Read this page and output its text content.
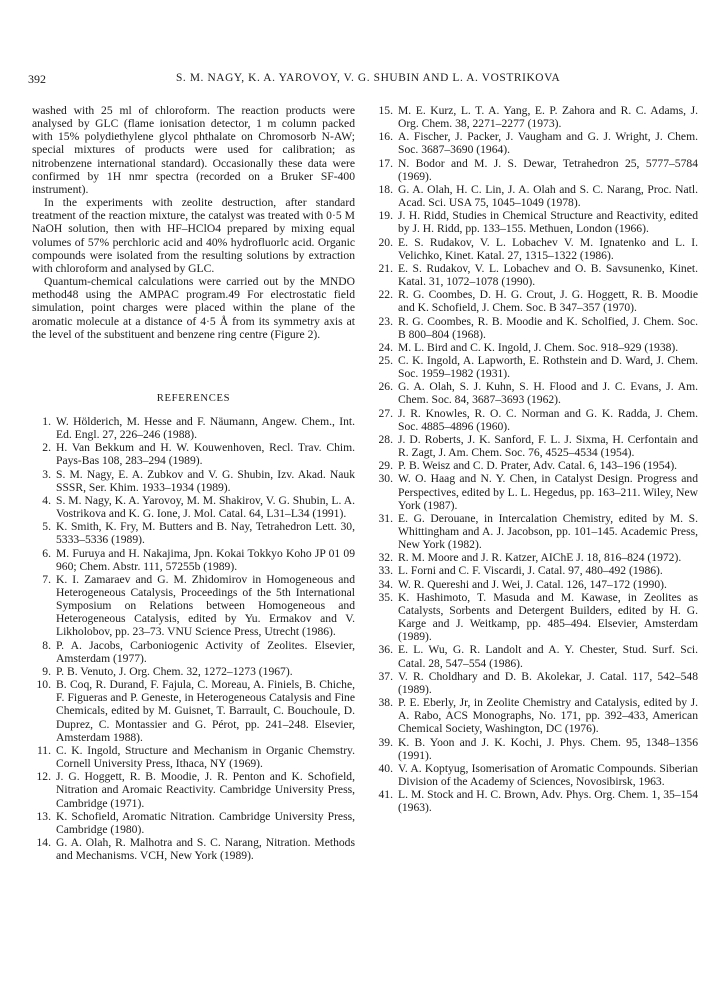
392	S. M. NAGY, K. A. YAROVOY, V. G. SHUBIN AND L. A. VOSTRIKOVA

washed with 25 ml of chloroform. The reaction products were analysed by GLC (flame ionisation detector, 1 m column packed with 15% polydiethylene glycol phthalate on Chromosorb N-AW; special mixtures of products were used for calibration; as nitrobenzene international standard). Occasionally these data were confirmed by 1H nmr spectra (recorded on a Bruker SF-400 instrument).

In the experiments with zeolite destruction, after standard treatment of the reaction mixture, the catalyst was treated with 0·5 M NaOH solution, then with HF–HClO4 prepared by mixing equal volumes of 57% perchloric acid and 40% hydrofluorlc acid. Organic compounds were isolated from the resulting solutions by extraction with chloroform and analysed by GLC.

Quantum-chemical calculations were carried out by the MNDO method48 using the AMPAC program.49 For electrostatic field simulation, point charges were placed within the plane of the aromatic molecule at a distance of 4·5 Å from its symmetry axis at the level of the substituent and benzene ring centre (Figure 2).

REFERENCES
1. W. Hölderich, M. Hesse and F. Näumann, Angew. Chem., Int. Ed. Engl. 27, 226–246 (1988).
2. H. Van Bekkum and H. W. Kouwenhoven, Recl. Trav. Chim. Pays-Bas 108, 283–294 (1989).
3. S. M. Nagy, E. A. Zubkov and V. G. Shubin, Izv. Akad. Nauk SSSR, Ser. Khim. 1933–1934 (1989).
4. S. M. Nagy, K. A. Yarovoy, M. M. Shakirov, V. G. Shubin, L. A. Vostrikova and K. G. Ione, J. Mol. Catal. 64, L31–L34 (1991).
5. K. Smith, K. Fry, M. Butters and B. Nay, Tetrahedron Lett. 30, 5333–5336 (1989).
6. M. Furuya and H. Nakajima, Jpn. Kokai Tokkyo Koho JP 01 09 960; Chem. Abstr. 111, 57255b (1989).
7. K. I. Zamaraev and G. M. Zhidomirov in Homogeneous and Heterogeneous Catalysis, Proceedings of the 5th International Symposium on Relations between Homogeneous and Heterogeneous Catalysis, edited by Yu. Ermakov and V. Likholobov, pp. 23–73. VNU Science Press, Utrecht (1986).
8. P. A. Jacobs, Carboniogenic Activity of Zeolites. Elsevier, Amsterdam (1977).
9. P. B. Venuto, J. Org. Chem. 32, 1272–1273 (1967).
10. B. Coq, R. Durand, F. Fajula, C. Moreau, A. Finiels, B. Chiche, F. Figueras and P. Geneste, in Heterogeneous Catalysis and Fine Chemicals, edited by M. Guisnet, T. Barrault, C. Bouchoule, D. Duprez, C. Montassier and G. Pérot, pp. 241–248. Elsevier, Amsterdam 1988).
11. C. K. Ingold, Structure and Mechanism in Organic Chemstry. Cornell University Press, Ithaca, NY (1969).
12. J. G. Hoggett, R. B. Moodie, J. R. Penton and K. Schofield, Nitration and Aromaic Reactivity. Cambridge University Press, Cambridge (1971).
13. K. Schofield, Aromatic Nitration. Cambridge University Press, Cambridge (1980).
14. G. A. Olah, R. Malhotra and S. C. Narang, Nitration. Methods and Mechanisms. VCH, New York (1989).
15. M. E. Kurz, L. T. A. Yang, E. P. Zahora and R. C. Adams, J. Org. Chem. 38, 2271–2277 (1973).
16. A. Fischer, J. Packer, J. Vaugham and G. J. Wright, J. Chem. Soc. 3687–3690 (1964).
17. N. Bodor and M. J. S. Dewar, Tetrahedron 25, 5777–5784 (1969).
18. G. A. Olah, H. C. Lin, J. A. Olah and S. C. Narang, Proc. Natl. Acad. Sci. USA 75, 1045–1049 (1978).
19. J. H. Ridd, Studies in Chemical Structure and Reactivity, edited by J. H. Ridd, pp. 133–155. Methuen, London (1966).
20. E. S. Rudakov, V. L. Lobachev V. M. Ignatenko and L. I. Velichko, Kinet. Katal. 27, 1315–1322 (1986).
21. E. S. Rudakov, V. L. Lobachev and O. B. Savsunenko, Kinet. Katal. 31, 1072–1078 (1990).
22. R. G. Coombes, D. H. G. Crout, J. G. Hoggett, R. B. Moodie and K. Schofield, J. Chem. Soc. B 347–357 (1970).
23. R. G. Coombes, R. B. Moodie and K. Scholfied, J. Chem. Soc. B 800–804 (1968).
24. M. L. Bird and C. K. Ingold, J. Chem. Soc. 918–929 (1938).
25. C. K. Ingold, A. Lapworth, E. Rothstein and D. Ward, J. Chem. Soc. 1959–1982 (1931).
26. G. A. Olah, S. J. Kuhn, S. H. Flood and J. C. Evans, J. Am. Chem. Soc. 84, 3687–3693 (1962).
27. J. R. Knowles, R. O. C. Norman and G. K. Radda, J. Chem. Soc. 4885–4896 (1960).
28. J. D. Roberts, J. K. Sanford, F. L. J. Sixma, H. Cerfontain and R. Zagt, J. Am. Chem. Soc. 76, 4525–4534 (1954).
29. P. B. Weisz and C. D. Prater, Adv. Catal. 6, 143–196 (1954).
30. W. O. Haag and N. Y. Chen, in Catalyst Design. Progress and Perspectives, edited by L. L. Hegedus, pp. 163–211. Wiley, New York (1987).
31. E. G. Derouane, in Intercalation Chemistry, edited by M. S. Whittingham and A. J. Jacobson, pp. 101–145. Academic Press, New York (1982).
32. R. M. Moore and J. R. Katzer, AIChE J. 18, 816–824 (1972).
33. L. Forni and C. F. Viscardi, J. Catal. 97, 480–492 (1986).
34. W. R. Quereshi and J. Wei, J. Catal. 126, 147–172 (1990).
35. K. Hashimoto, T. Masuda and M. Kawase, in Zeolites as Catalysts, Sorbents and Detergent Builders, edited by H. G. Karge and J. Weitkamp, pp. 485–494. Elsevier, Amsterdam (1989).
36. E. L. Wu, G. R. Landolt and A. Y. Chester, Stud. Surf. Sci. Catal. 28, 547–554 (1986).
37. V. R. Choldhary and D. B. Akolekar, J. Catal. 117, 542–548 (1989).
38. P. E. Eberly, Jr, in Zeolite Chemistry and Catalysis, edited by J. A. Rabo, ACS Monographs, No. 171, pp. 392–433, American Chemical Society, Washington, DC (1976).
39. K. B. Yoon and J. K. Kochi, J. Phys. Chem. 95, 1348–1356 (1991).
40. V. A. Koptyug, Isomerisation of Aromatic Compounds. Siberian Division of the Academy of Sciences, Novosibirsk, 1963.
41. L. M. Stock and H. C. Brown, Adv. Phys. Org. Chem. 1, 35–154 (1963).
